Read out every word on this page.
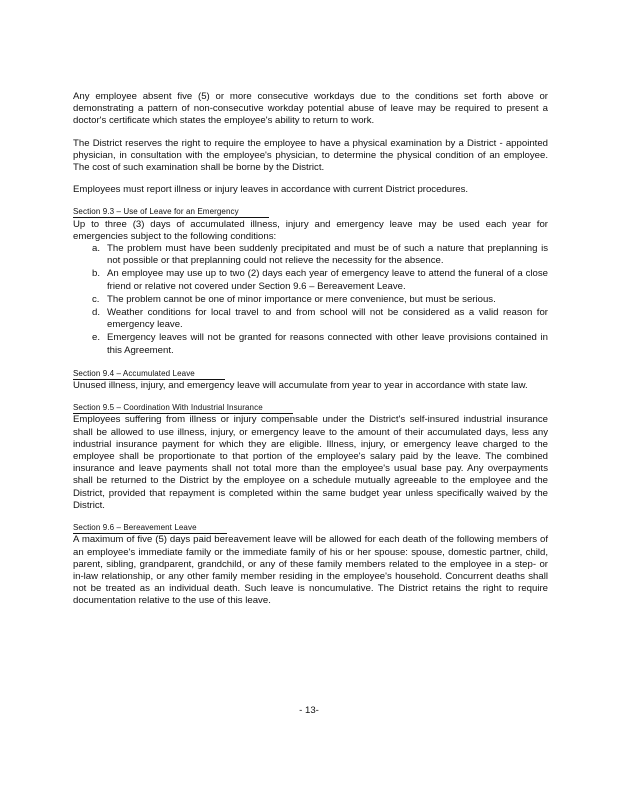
Any employee absent five (5) or more consecutive workdays due to the conditions set forth above or demonstrating a pattern of non-consecutive workday potential abuse of leave may be required to present a doctor's certificate which states the employee's ability to return to work.

The District reserves the right to require the employee to have a physical examination by a District - appointed physician, in consultation with the employee's physician, to determine the physical condition of an employee. The cost of such examination shall be borne by the District.

Employees must report illness or injury leaves in accordance with current District procedures.

Section 9.3 – Use of Leave for an Emergency
Up to three (3) days of accumulated illness, injury and emergency leave may be used each year for emergencies subject to the following conditions:
a. The problem must have been suddenly precipitated and must be of such a nature that preplanning is not possible or that preplanning could not relieve the necessity for the absence.
b. An employee may use up to two (2) days each year of emergency leave to attend the funeral of a close friend or relative not covered under Section 9.6 – Bereavement Leave.
c. The problem cannot be one of minor importance or mere convenience, but must be serious.
d. Weather conditions for local travel to and from school will not be considered as a valid reason for emergency leave.
e. Emergency leaves will not be granted for reasons connected with other leave provisions contained in this Agreement.
Section 9.4 – Accumulated Leave

Unused illness, injury, and emergency leave will accumulate from year to year in accordance with state law.

Section 9.5 – Coordination With Industrial Insurance

Employees suffering from illness or injury compensable under the District's self-insured industrial insurance shall be allowed to use illness, injury, or emergency leave to the amount of their accumulated days, less any industrial insurance payment for which they are eligible. Illness, injury, or emergency leave charged to the employee shall be proportionate to that portion of the employee's salary paid by the leave. The combined insurance and leave payments shall not total more than the employee's usual base pay. Any overpayments shall be returned to the District by the employee on a schedule mutually agreeable to the employee and the District, provided that repayment is completed within the same budget year unless specifically waived by the District.

Section 9.6 – Bereavement Leave

A maximum of five (5) days paid bereavement leave will be allowed for each death of the following members of an employee's immediate family or the immediate family of his or her spouse: spouse, domestic partner, child, parent, sibling, grandparent, grandchild, or any of these family members related to the employee in a step- or in-law relationship, or any other family member residing in the employee's household. Concurrent deaths shall not be treated as an individual death. Such leave is noncumulative. The District retains the right to require documentation relative to the use of this leave.

- 13-
